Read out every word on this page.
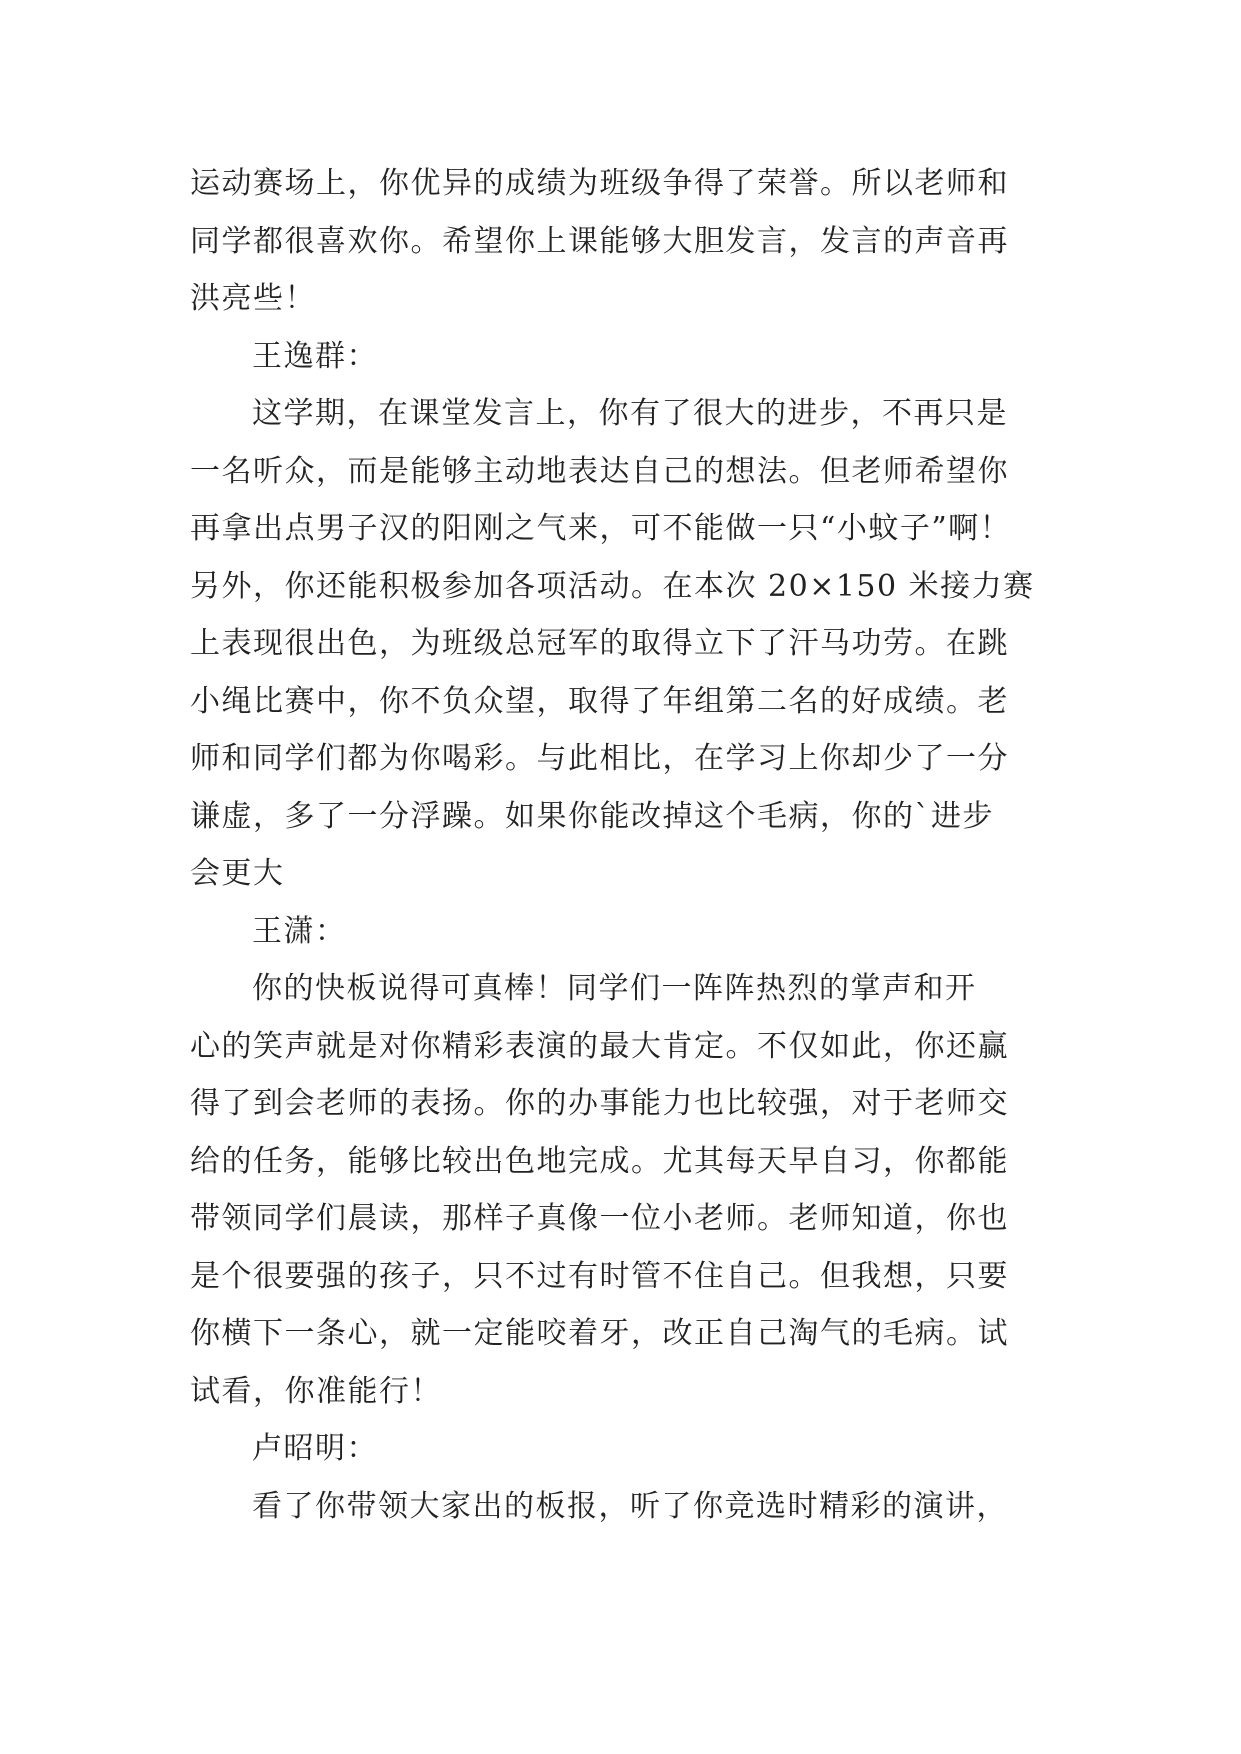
运动赛场上，你优异的成绩为班级争得了荣誉。所以老师和
同学都很喜欢你。希望你上课能够大胆发言，发言的声音再
洪亮些！
王逸群：
这学期，在课堂发言上，你有了很大的进步，不再只是
一名听众，而是能够主动地表达自己的想法。但老师希望你
再拿出点男子汉的阳刚之气来，可不能做一只“小蚊子”啊！
另外，你还能积极参加各项活动。在本次 20×150 米接力赛
上表现很出色，为班级总冠军的取得立下了汗马功劳。在跳
小绳比赛中，你不负众望，取得了年组第二名的好成绩。老
师和同学们都为你喝彩。与此相比，在学习上你却少了一分
谦虚，多了一分浮躁。如果你能改掉这个毛病，你的`进步
会更大
王潇：
你的快板说得可真棒！同学们一阵阵热烈的掌声和开
心的笑声就是对你精彩表演的最大肯定。不仅如此，你还赢
得了到会老师的表扬。你的办事能力也比较强，对于老师交
给的任务，能够比较出色地完成。尤其每天早自习，你都能
带领同学们晨读，那样子真像一位小老师。老师知道，你也
是个很要强的孩子，只不过有时管不住自己。但我想，只要
你横下一条心，就一定能咬着牙，改正自己淘气的毛病。试
试看，你准能行！
卢昭明：
看了你带领大家出的板报，听了你竞选时精彩的演讲，
